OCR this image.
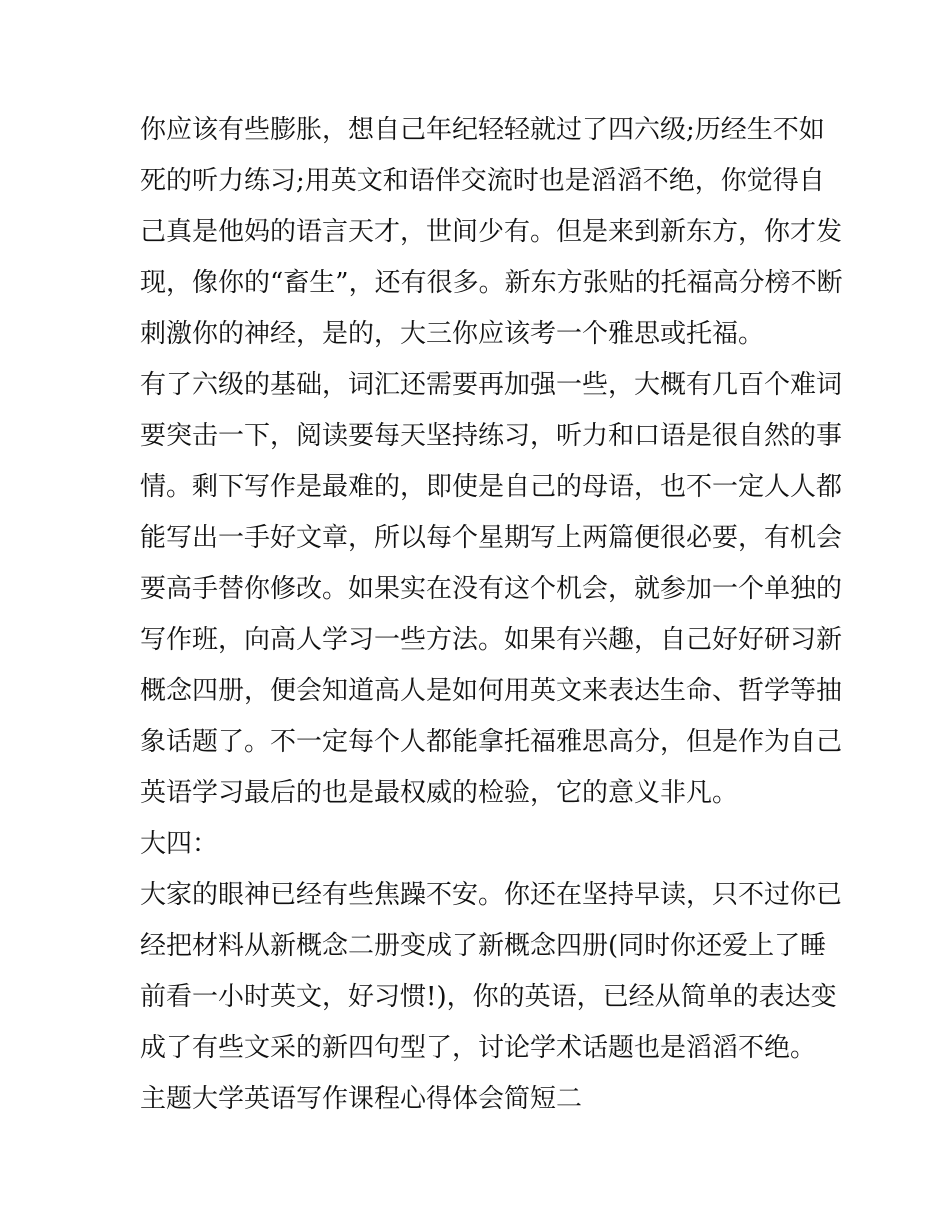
你应该有些膨胀，想自己年纪轻轻就过了四六级;历经生不如
死的听力练习;用英文和语伴交流时也是滔滔不绝，你觉得自
己真是他妈的语言天才，世间少有。但是来到新东方，你才发
现，像你的“畜生”，还有很多。新东方张贴的托福高分榜不断
刺激你的神经，是的，大三你应该考一个雅思或托福。
有了六级的基础，词汇还需要再加强一些，大概有几百个难词
要突击一下，阅读要每天坚持练习，听力和口语是很自然的事
情。剩下写作是最难的，即使是自己的母语，也不一定人人都
能写出一手好文章，所以每个星期写上两篇便很必要，有机会
要高手替你修改。如果实在没有这个机会，就参加一个单独的
写作班，向高人学习一些方法。如果有兴趣，自己好好研习新
概念四册，便会知道高人是如何用英文来表达生命、哲学等抽
象话题了。不一定每个人都能拿托福雅思高分，但是作为自己
英语学习最后的也是最权威的检验，它的意义非凡。
大四：
大家的眼神已经有些焦躁不安。你还在坚持早读，只不过你已
经把材料从新概念二册变成了新概念四册(同时你还爱上了睡
前看一小时英文，好习惯!)，你的英语，已经从简单的表达变
成了有些文采的新四句型了，讨论学术话题也是滔滔不绝。
主题大学英语写作课程心得体会简短二
